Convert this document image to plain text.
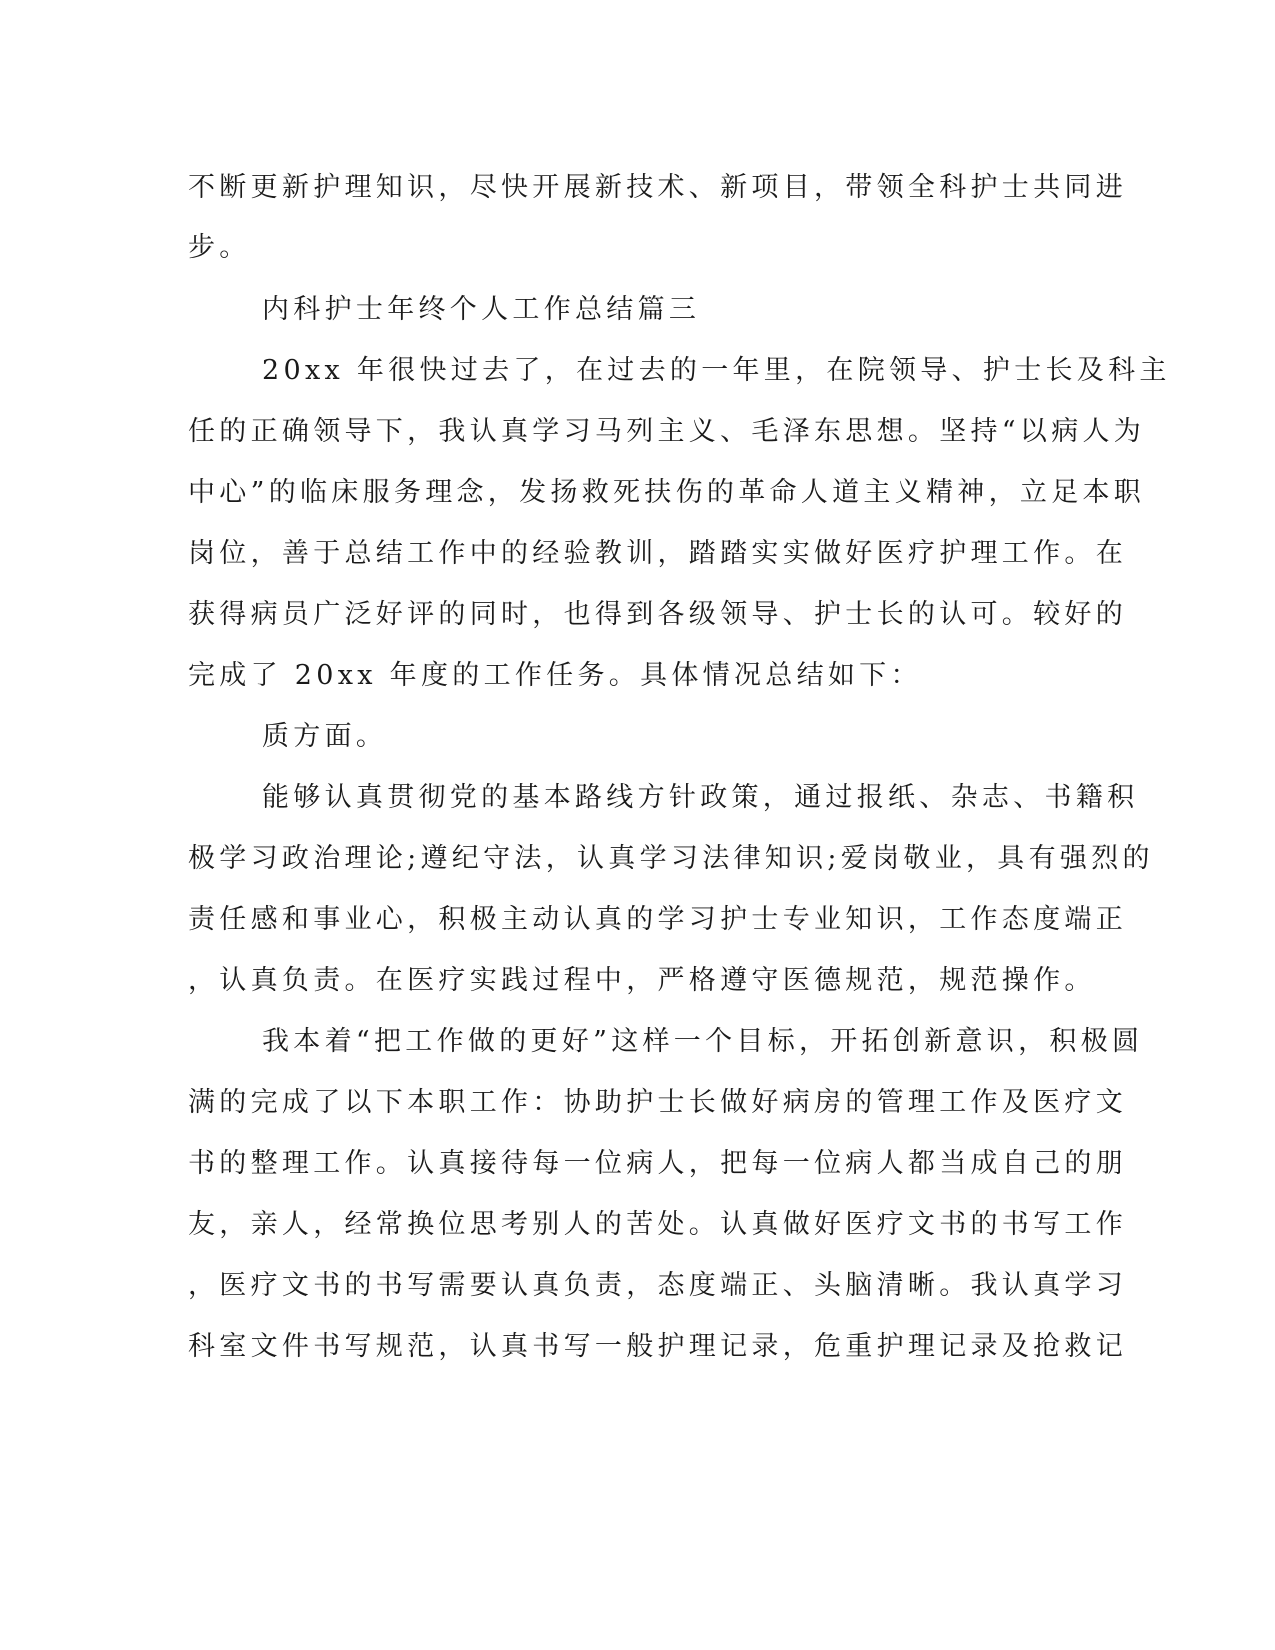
不断更新护理知识，尽快开展新技术、新项目，带领全科护士共同进

步。

内科护士年终个人工作总结篇三

20xx 年很快过去了，在过去的一年里，在院领导、护士长及科主

任的正确领导下，我认真学习马列主义、毛泽东思想。坚持“以病人为

中心”的临床服务理念，发扬救死扶伤的革命人道主义精神，立足本职

岗位，善于总结工作中的经验教训，踏踏实实做好医疗护理工作。在

获得病员广泛好评的同时，也得到各级领导、护士长的认可。较好的

完成了 20xx 年度的工作任务。具体情况总结如下：

质方面。

能够认真贯彻党的基本路线方针政策，通过报纸、杂志、书籍积

极学习政治理论;遵纪守法，认真学习法律知识;爱岗敬业，具有强烈的

责任感和事业心，积极主动认真的学习护士专业知识，工作态度端正

，认真负责。在医疗实践过程中，严格遵守医德规范，规范操作。

我本着“把工作做的更好”这样一个目标，开拓创新意识，积极圆

满的完成了以下本职工作：协助护士长做好病房的管理工作及医疗文

书的整理工作。认真接待每一位病人，把每一位病人都当成自己的朋

友，亲人，经常换位思考别人的苦处。认真做好医疗文书的书写工作

，医疗文书的书写需要认真负责，态度端正、头脑清晰。我认真学习

科室文件书写规范，认真书写一般护理记录，危重护理记录及抢救记
